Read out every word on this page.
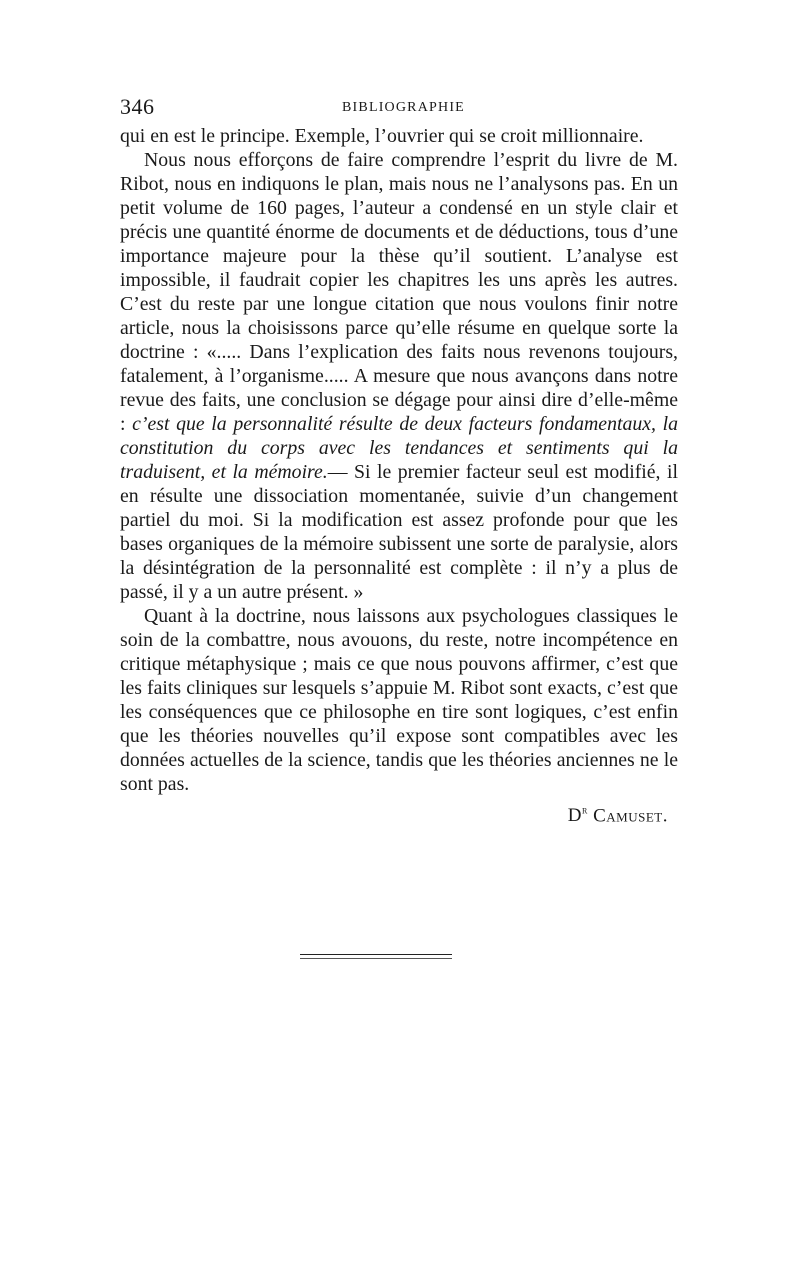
346	BIBLIOGRAPHIE

qui en est le principe. Exemple, l’ouvrier qui se croit millionnaire.

Nous nous efforçons de faire comprendre l’esprit du livre de M. Ribot, nous en indiquons le plan, mais nous ne l’analysons pas. En un petit volume de 160 pages, l’auteur a condensé en un style clair et précis une quantité énorme de documents et de déductions, tous d’une importance majeure pour la thèse qu’il soutient. L’analyse est impossible, il faudrait copier les chapitres les uns après les autres. C’est du reste par une longue citation que nous voulons finir notre article, nous la choisissons parce qu’elle résume en quelque sorte la doctrine : «..... Dans l’explication des faits nous revenons toujours, fatalement, à l’organisme..... A mesure que nous avançons dans notre revue des faits, une conclusion se dégage pour ainsi dire d’elle-même : c’est que la personnalité résulte de deux facteurs fondamentaux, la constitution du corps avec les tendances et sentiments qui la traduisent, et la mémoire.— Si le premier facteur seul est modifié, il en résulte une dissociation momentanée, suivie d’un changement partiel du moi. Si la modification est assez profonde pour que les bases organiques de la mémoire subissent une sorte de paralysie, alors la désintégration de la personnalité est complète : il n’y a plus de passé, il y a un autre présent. »

Quant à la doctrine, nous laissons aux psychologues classiques le soin de la combattre, nous avouons, du reste, notre incompétence en critique métaphysique ; mais ce que nous pouvons affirmer, c’est que les faits cliniques sur lesquels s’appuie M. Ribot sont exacts, c’est que les conséquences que ce philosophe en tire sont logiques, c’est enfin que les théories nouvelles qu’il expose sont compatibles avec les données actuelles de la science, tandis que les théories anciennes ne le sont pas.

$D^r$ Camuset.
